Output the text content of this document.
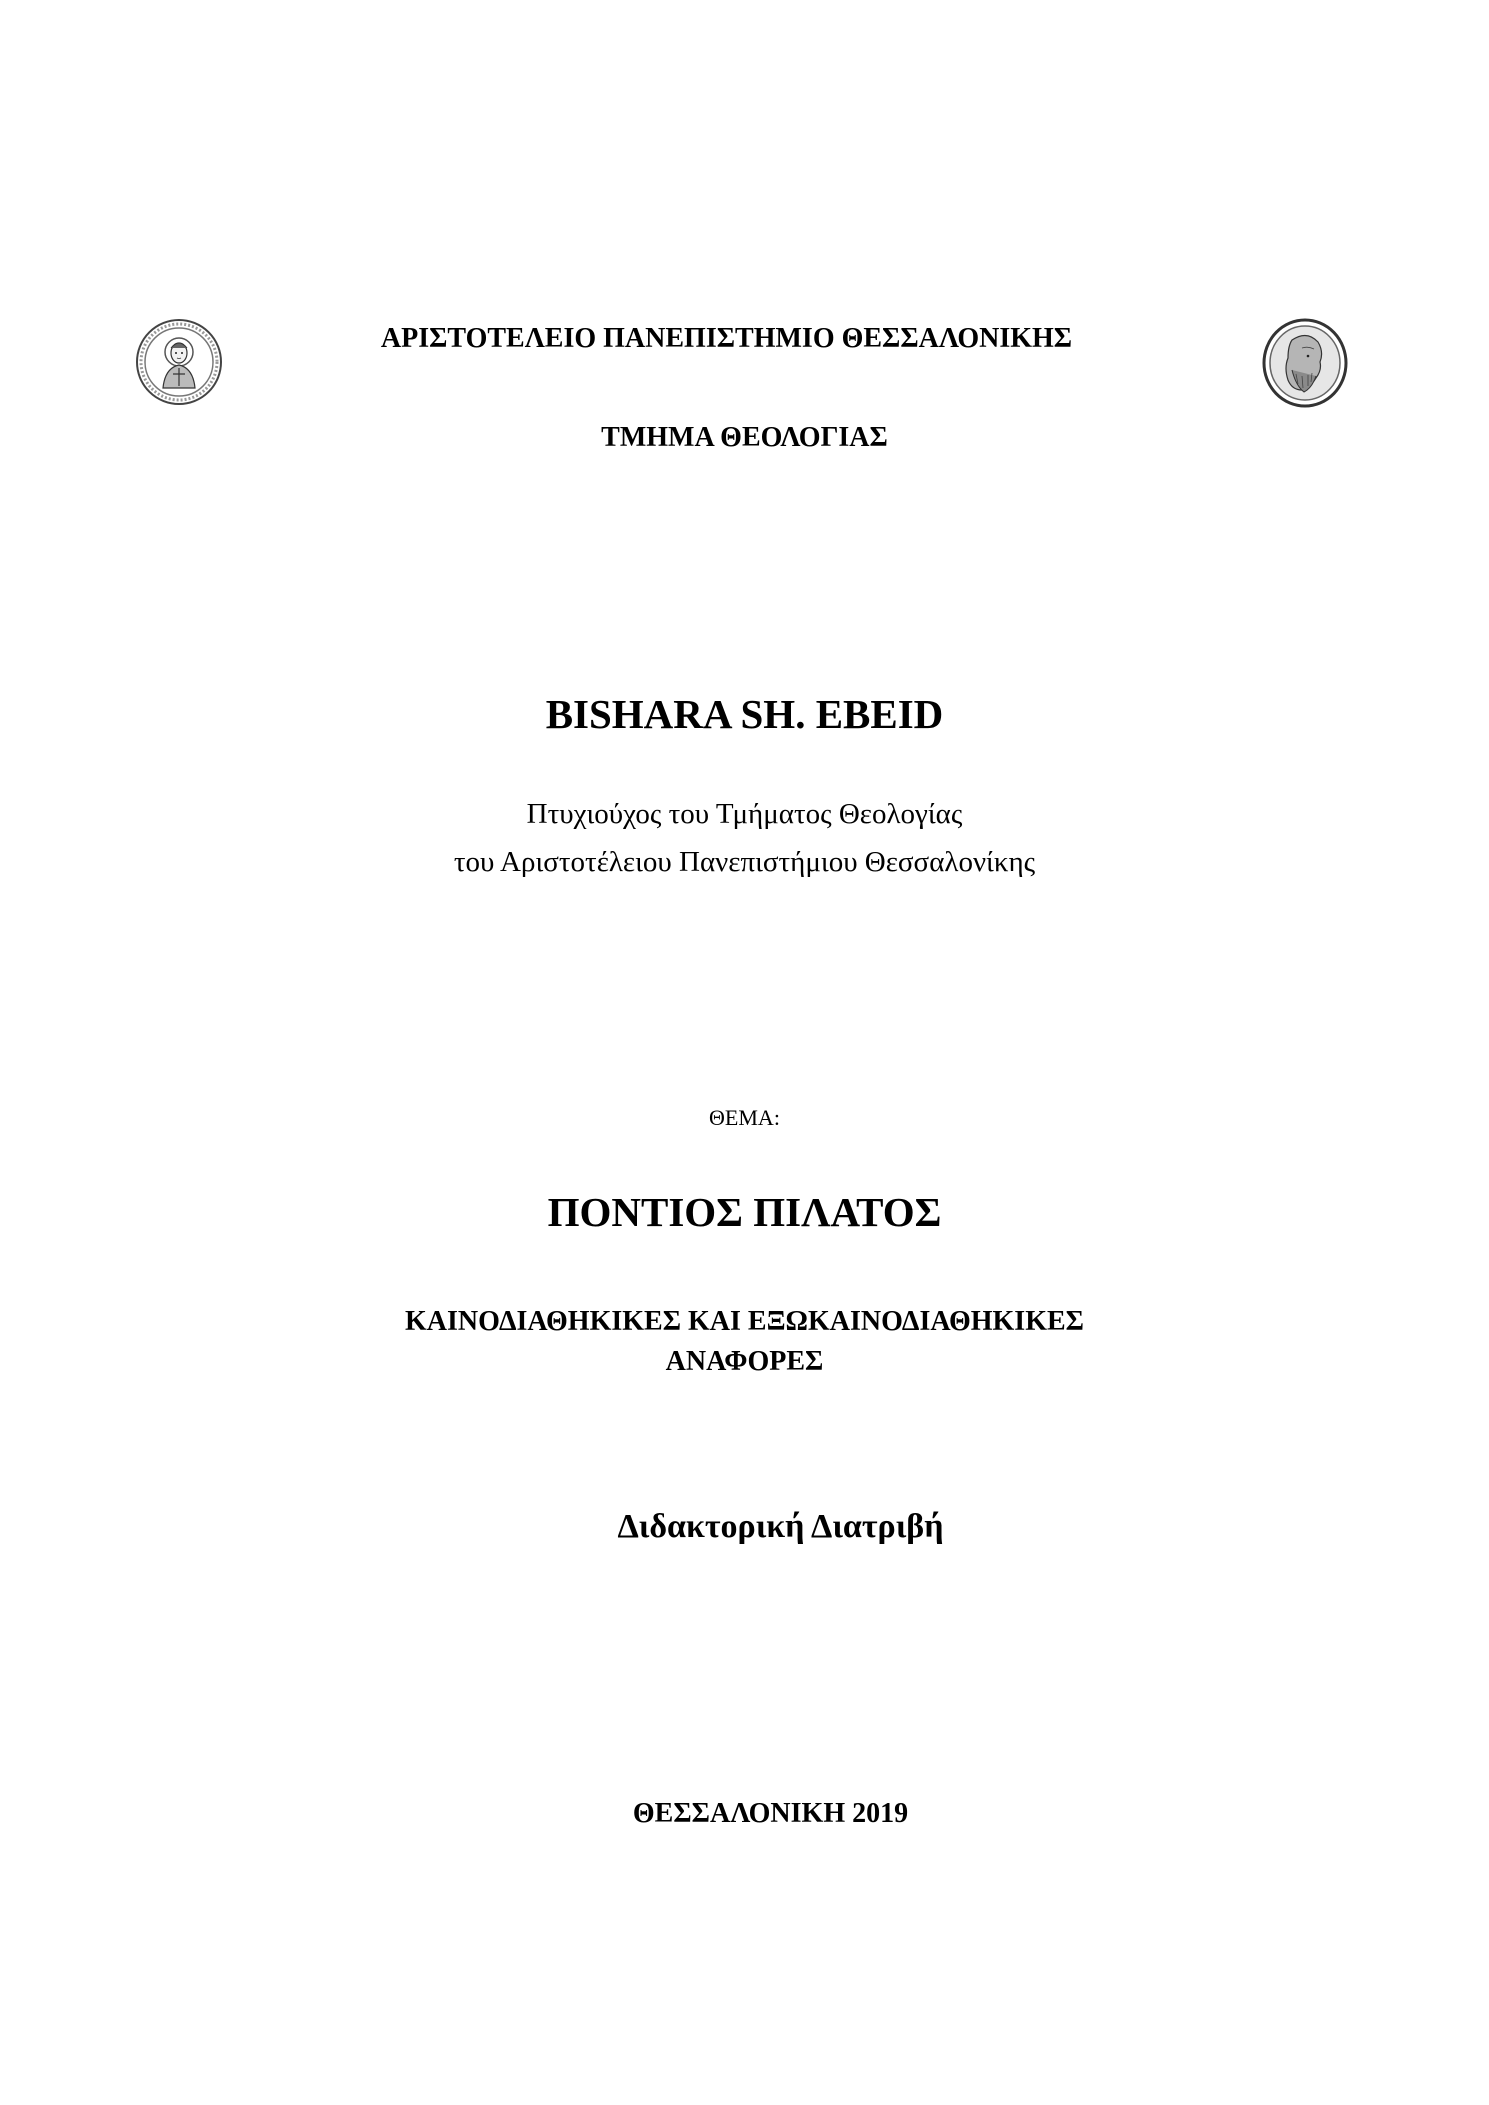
ΑΡΙΣΤΟΤΕΛΕΙΟ ΠΑΝΕΠΙΣΤΗΜΙΟ ΘΕΣΣΑΛΟΝΙΚΗΣ
ΤΜΗΜΑ ΘΕΟΛΟΓΙΑΣ
BISHARA SH. EBEID
Πτυχιούχος του Τμήματος Θεολογίας
του Αριστοτέλειου Πανεπιστήμιου Θεσσαλονίκης
ΘΕΜΑ:
ΠΟΝΤΙΟΣ ΠΙΛΑΤΟΣ
ΚΑΙΝΟΔΙΑΘΗΚΙΚΕΣ ΚΑΙ ΕΞΩΚΑΙΝΟΔΙΑΘΗΚΙΚΕΣ
ΑΝΑΦΟΡΕΣ
Διδακτορική Διατριβή
ΘΕΣΣΑΛΟΝΙΚΗ 2019
